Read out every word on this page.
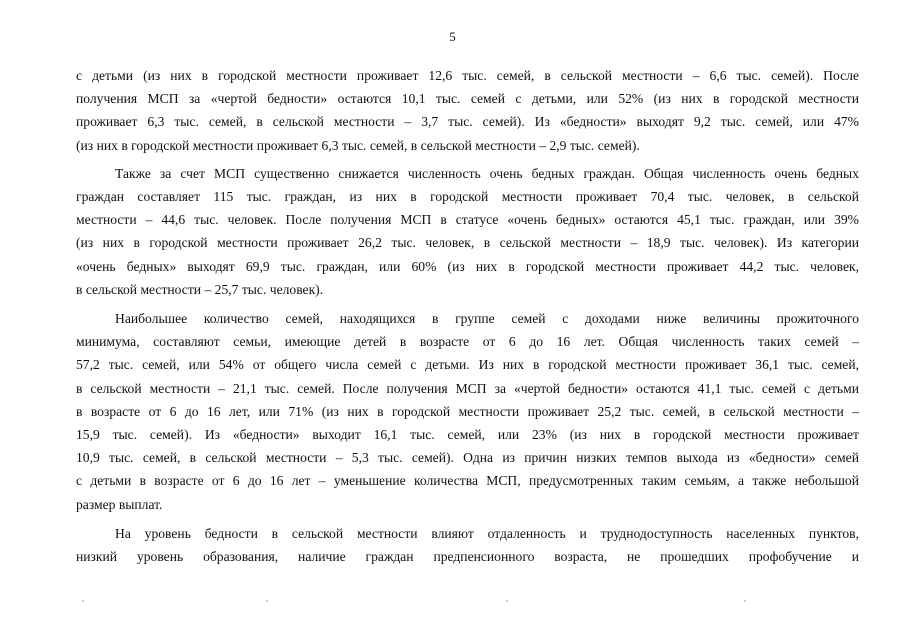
5
с детьми (из них в городской местности проживает 12,6 тыс. семей, в сельской местности – 6,6 тыс. семей). После
получения МСП за «чертой бедности» остаются 10,1 тыс. семей с детьми, или 52% (из них в городской местности
проживает 6,3 тыс. семей, в сельской местности – 3,7 тыс. семей). Из «бедности» выходят 9,2 тыс. семей, или 47%
(из них в городской местности проживает 6,3 тыс. семей, в сельской местности – 2,9 тыс. семей).
Также за счет МСП существенно снижается численность очень бедных граждан. Общая численность очень бедных
граждан составляет 115 тыс. граждан, из них в городской местности проживает 70,4 тыс. человек, в сельской
местности – 44,6 тыс. человек. После получения МСП в статусе «очень бедных» остаются 45,1 тыс. граждан, или 39%
(из них в городской местности проживает 26,2 тыс. человек, в сельской местности – 18,9 тыс. человек). Из категории
«очень бедных» выходят 69,9 тыс. граждан, или 60% (из них в городской местности проживает 44,2 тыс. человек,
в сельской местности – 25,7 тыс. человек).
Наибольшее количество семей, находящихся в группе семей с доходами ниже величины прожиточного
минимума, составляют семьи, имеющие детей в возрасте от 6 до 16 лет. Общая численность таких семей –
57,2 тыс. семей, или 54% от общего числа семей с детьми. Из них в городской местности проживает 36,1 тыс. семей,
в сельской местности – 21,1 тыс. семей. После получения МСП за «чертой бедности» остаются 41,1 тыс. семей с детьми
в возрасте от 6 до 16 лет, или 71% (из них в городской местности проживает 25,2 тыс. семей, в сельской местности –
15,9 тыс. семей). Из «бедности» выходит 16,1 тыс. семей, или 23% (из них в городской местности проживает
10,9 тыс. семей, в сельской местности – 5,3 тыс. семей). Одна из причин низких темпов выхода из «бедности» семей
с детьми в возрасте от 6 до 16 лет – уменьшение количества МСП, предусмотренных таким семьям, а также небольшой
размер выплат.
На уровень бедности в сельской местности влияют отдаленность и труднодоступность населенных пунктов,
низкий уровень образования, наличие граждан предпенсионного возраста, не прошедших профобучение и
